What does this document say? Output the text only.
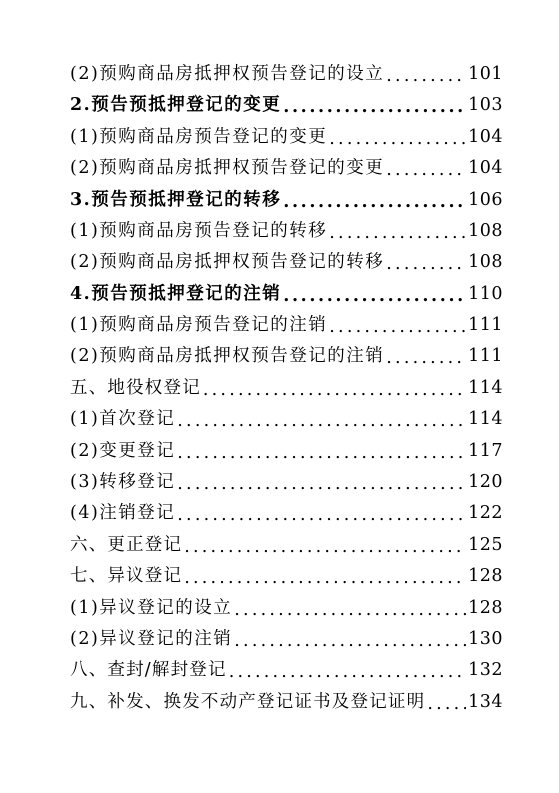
(2)预购商品房抵押权预告登记的设立 .....	101
2.预告预抵押登记的变更 .....	103
(1)预购商品房预告登记的变更 .....	104
(2)预购商品房抵押权预告登记的变更 .....	104
3.预告预抵押登记的转移 .....	106
(1)预购商品房预告登记的转移 .....	108
(2)预购商品房抵押权预告登记的转移 .....	108
4.预告预抵押登记的注销 .....	110
(1)预购商品房预告登记的注销 .....	111
(2)预购商品房抵押权预告登记的注销 .....	111
五、地役权登记 .....	114
(1)首次登记 .....	114
(2)变更登记 .....	117
(3)转移登记 .....	120
(4)注销登记 .....	122
六、更正登记 .....	125
七、异议登记 .....	128
(1)异议登记的设立 .....	128
(2)异议登记的注销 .....	130
八、查封/解封登记 .....	132
九、补发、换发不动产登记证书及登记证明 ..... 134
